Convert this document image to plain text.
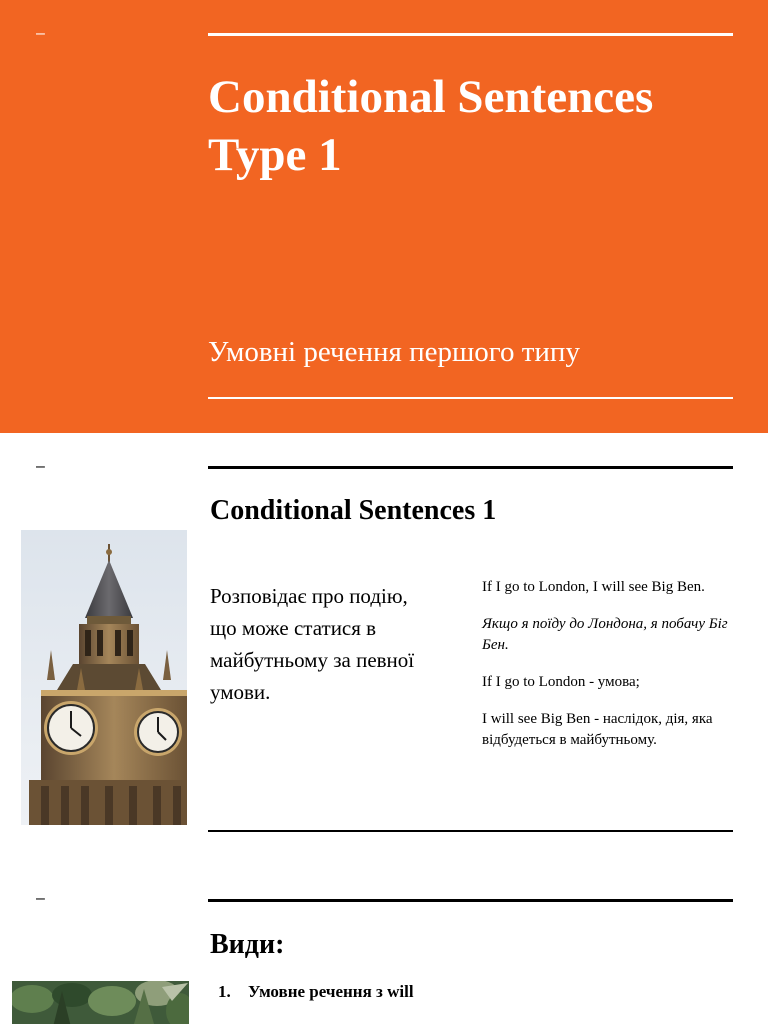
–
Conditional Sentences
Type 1
Умовні речення першого типу
–
Conditional Sentences 1
Розповідає про подію,
що може статися в
майбутньому за певної
умови.

If I go to London, I will see Big Ben.

Якщо я поїду до Лондона, я побачу Біг Бен.

If I go to London - умова;

I will see Big Ben - наслідок, дія, яка відбудеться в майбутньому.

–
Види:
1. Умовне речення з will
